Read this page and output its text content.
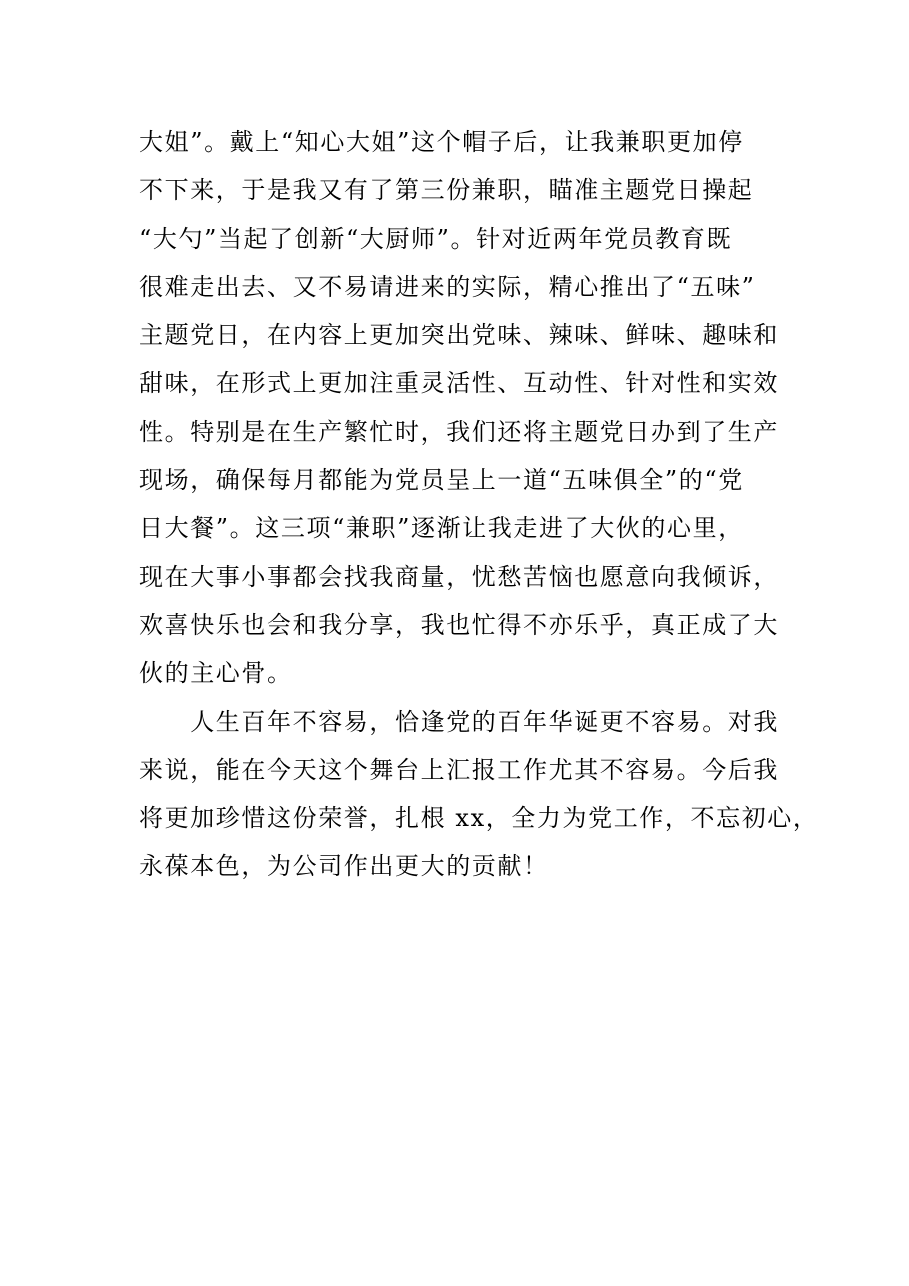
大姐”。戴上“知心大姐”这个帽子后，让我兼职更加停
不下来，于是我又有了第三份兼职，瞄准主题党日操起
“大勺”当起了创新“大厨师”。针对近两年党员教育既
很难走出去、又不易请进来的实际，精心推出了“五味”
主题党日，在内容上更加突出党味、辣味、鲜味、趣味和
甜味，在形式上更加注重灵活性、互动性、针对性和实效
性。特别是在生产繁忙时，我们还将主题党日办到了生产
现场，确保每月都能为党员呈上一道“五味俱全”的“党
日大餐”。这三项“兼职”逐渐让我走进了大伙的心里，
现在大事小事都会找我商量，忧愁苦恼也愿意向我倾诉，
欢喜快乐也会和我分享，我也忙得不亦乐乎，真正成了大
伙的主心骨。

　　人生百年不容易，恰逢党的百年华诞更不容易。对我
来说，能在今天这个舞台上汇报工作尤其不容易。今后我
将更加珍惜这份荣誉，扎根 xx，全力为党工作，不忘初心，
永葆本色，为公司作出更大的贡献！
